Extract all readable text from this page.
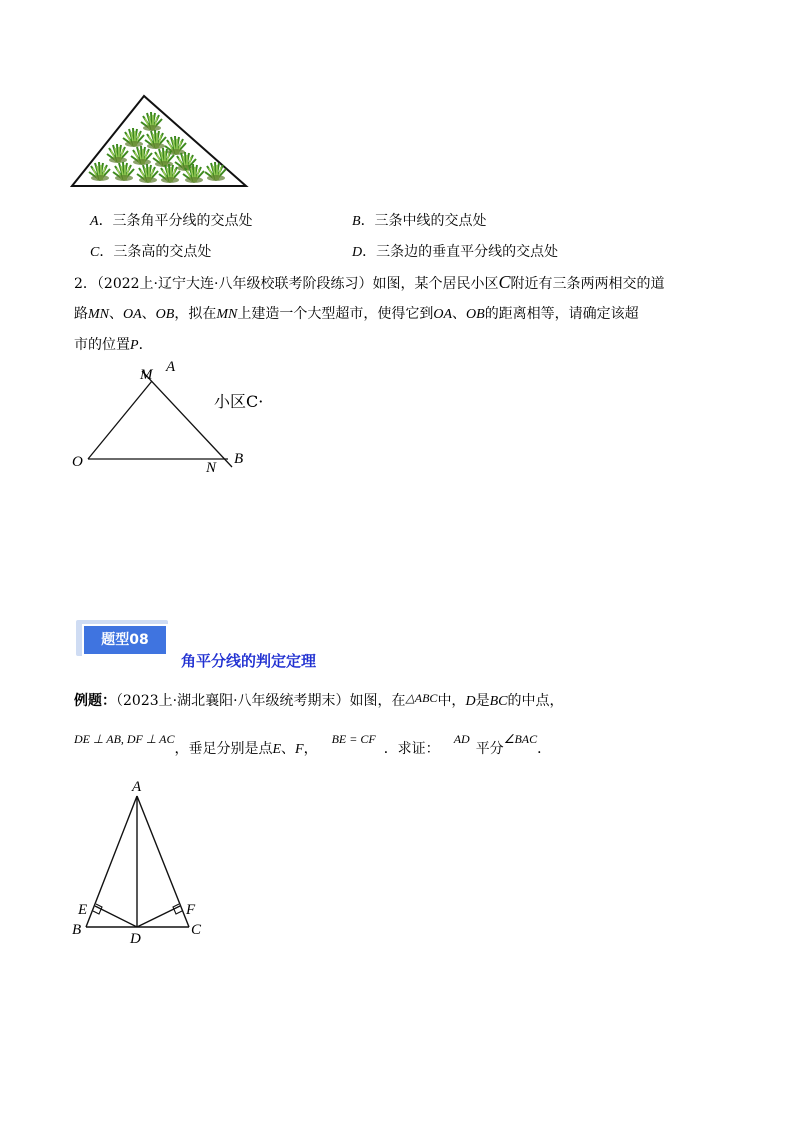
A．三条角平分线的交点处	B．三条中线的交点处
C．三条高的交点处	D．三条边的垂直平分线的交点处
2．（2022上·辽宁大连·八年级校联考阶段练习）如图，某个居民小区C附近有三条两两相交的道
路MN、OA、OB，拟在MN上建造一个大型超市，使得它到OA、OB的距离相等，请确定该超
市的位置P．
M A
O	N
B
小区C·
题型08
角平分线的判定定理
例题：（2023上·湖北襄阳·八年级统考期末）如图，在△ABC中，D是BC的中点，
DE ⊥ AB, DF ⊥ AC，垂足分别是点E、F，BE = CF．求证：AD平分∠BAC．
A
E	F
B	C
D
